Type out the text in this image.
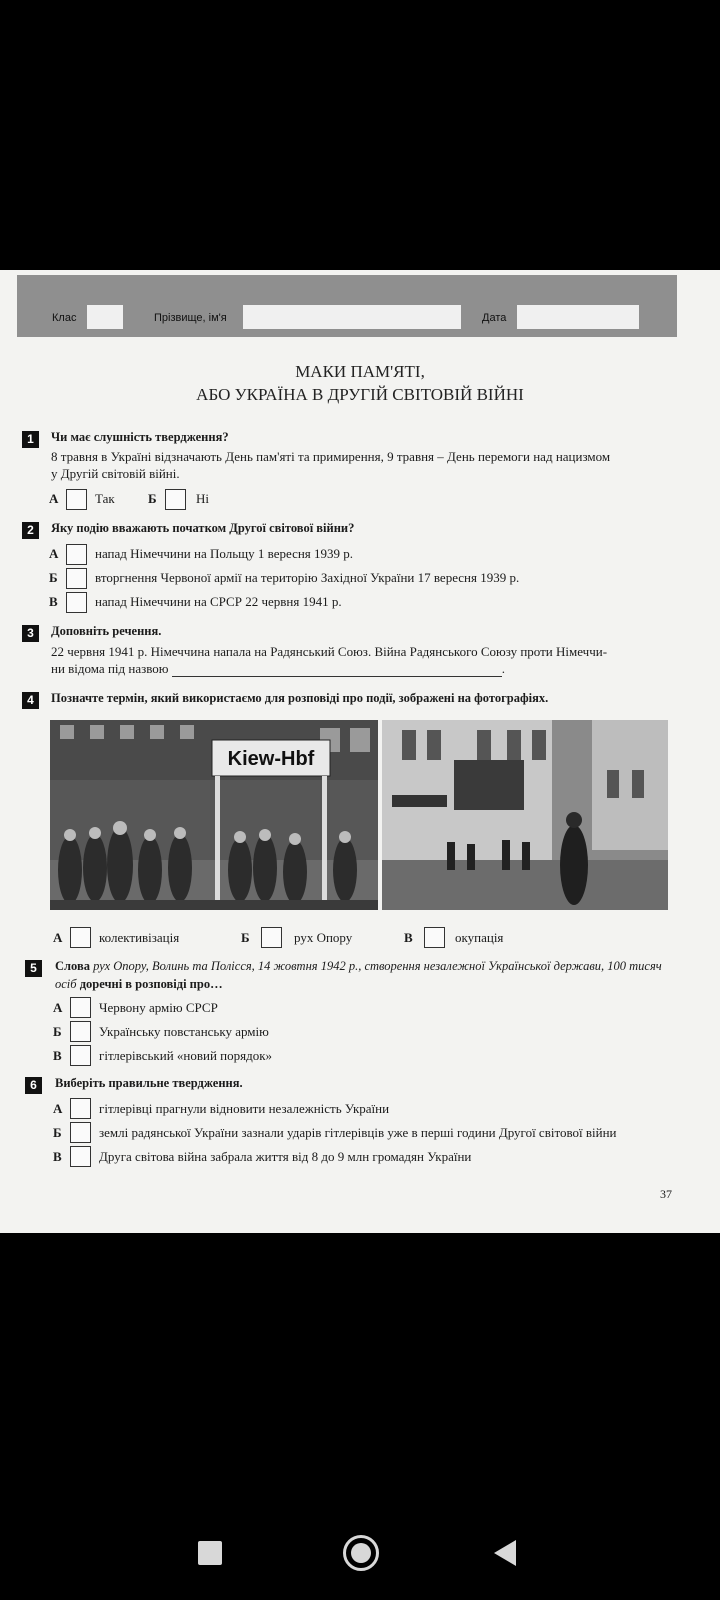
Клас	Прізвище, ім'я	Дата
МАКИ ПАМ'ЯТІ,
АБО УКРАЇНА В ДРУГІЙ СВІТОВІЙ ВІЙНІ
1	Чи має слушність твердження?
8 травня в Україні відзначають День пам'яті та примирення, 9 травня – День перемоги над нацизмом
у Другій світовій війні.
А	Так	Б	Ні
2	Яку подію вважають початком Другої світової війни?
А	напад Німеччини на Польщу 1 вересня 1939 р.
Б	вторгнення Червоної армії на територію Західної України 17 вересня 1939 р.
В	напад Німеччини на СРСР 22 червня 1941 р.
3	Доповніть речення.
22 червня 1941 р. Німеччина напала на Радянський Союз. Війна Радянського Союзу проти Німеччи-
ни відома під назвою	.
4	Позначте термін, який використаємо для розповіді про події, зображені на фотографіях.
Kiew-Hbf
А	колективізація	Б	рух Опору	В	окупація
5	Слова рух Опору, Волинь та Полісся, 14 жовтня 1942 р., створення незалежної Української держави, 100 тисяч осіб доречні в розповіді про…
А	Червону армію СРСР
Б	Українську повстанську армію
В	гітлерівський «новий порядок»
6	Виберіть правильне твердження.
А	гітлерівці прагнули відновити незалежність України
Б	землі радянської України зазнали ударів гітлерівців уже в перші години Другої світової війни
В	Друга світова війна забрала життя від 8 до 9 млн громадян України
37
